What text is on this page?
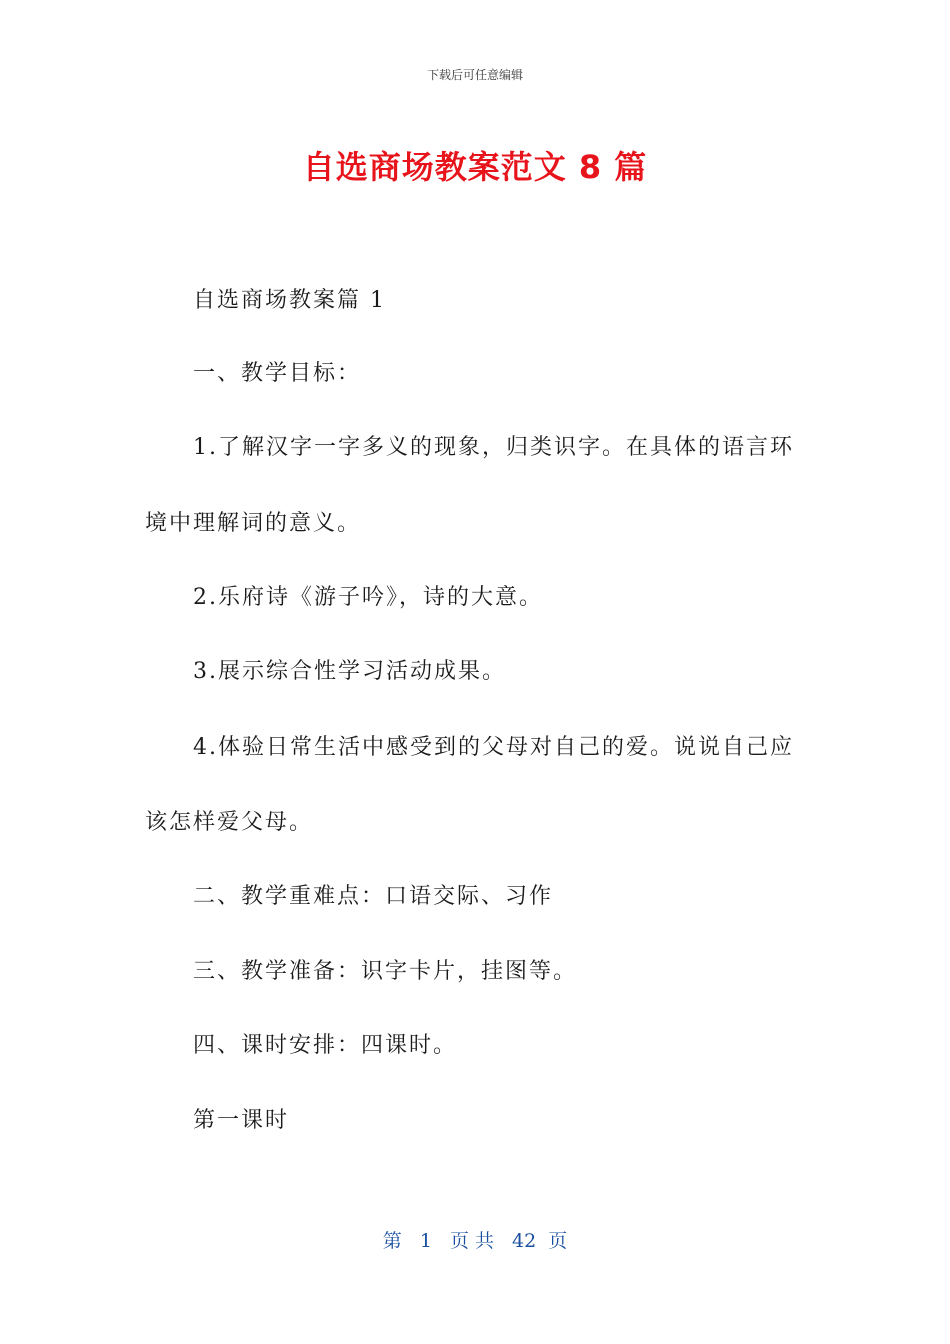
下载后可任意编辑
自选商场教案范文 8 篇
自选商场教案篇 1
一、教学目标：
1.了解汉字一字多义的现象，归类识字。在具体的语言环
境中理解词的意义。
2.乐府诗《游子吟》，诗的大意。
3.展示综合性学习活动成果。
4.体验日常生活中感受到的父母对自己的爱。说说自己应
该怎样爱父母。
二、教学重难点：口语交际、习作
三、教学准备：识字卡片，挂图等。
四、课时安排：四课时。
第一课时
第 1 页 共 42 页
